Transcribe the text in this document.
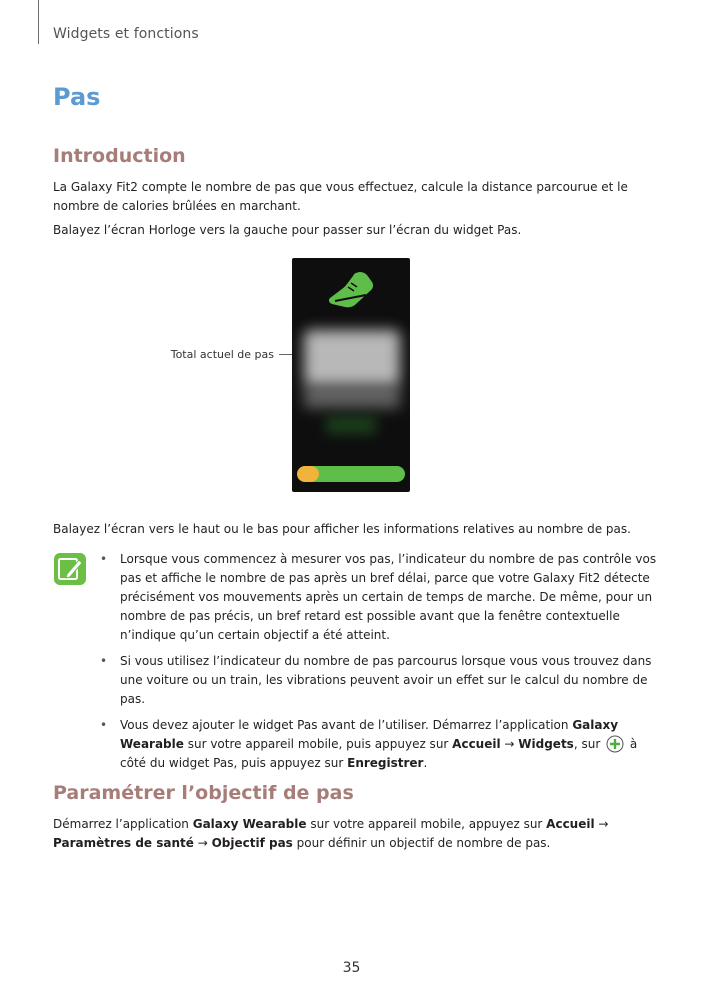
Widgets et fonctions
Pas
Introduction
La Galaxy Fit2 compte le nombre de pas que vous effectuez, calcule la distance parcourue et le nombre de calories brûlées en marchant.
Balayez l’écran Horloge vers la gauche pour passer sur l’écran du widget Pas.
Total actuel de pas
Balayez l’écran vers le haut ou le bas pour afficher les informations relatives au nombre de pas.
• Lorsque vous commencez à mesurer vos pas, l’indicateur du nombre de pas contrôle vos pas et affiche le nombre de pas après un bref délai, parce que votre Galaxy Fit2 détecte précisément vos mouvements après un certain de temps de marche. De même, pour un nombre de pas précis, un bref retard est possible avant que la fenêtre contextuelle n’indique qu’un certain objectif a été atteint.
• Si vous utilisez l’indicateur du nombre de pas parcourus lorsque vous vous trouvez dans une voiture ou un train, les vibrations peuvent avoir un effet sur le calcul du nombre de pas.
• Vous devez ajouter le widget Pas avant de l’utiliser. Démarrez l’application Galaxy Wearable sur votre appareil mobile, puis appuyez sur Accueil → Widgets, sur  à côté du widget Pas, puis appuyez sur Enregistrer.
Paramétrer l’objectif de pas
Démarrez l’application Galaxy Wearable sur votre appareil mobile, appuyez sur Accueil → Paramètres de santé → Objectif pas pour définir un objectif de nombre de pas.
35
